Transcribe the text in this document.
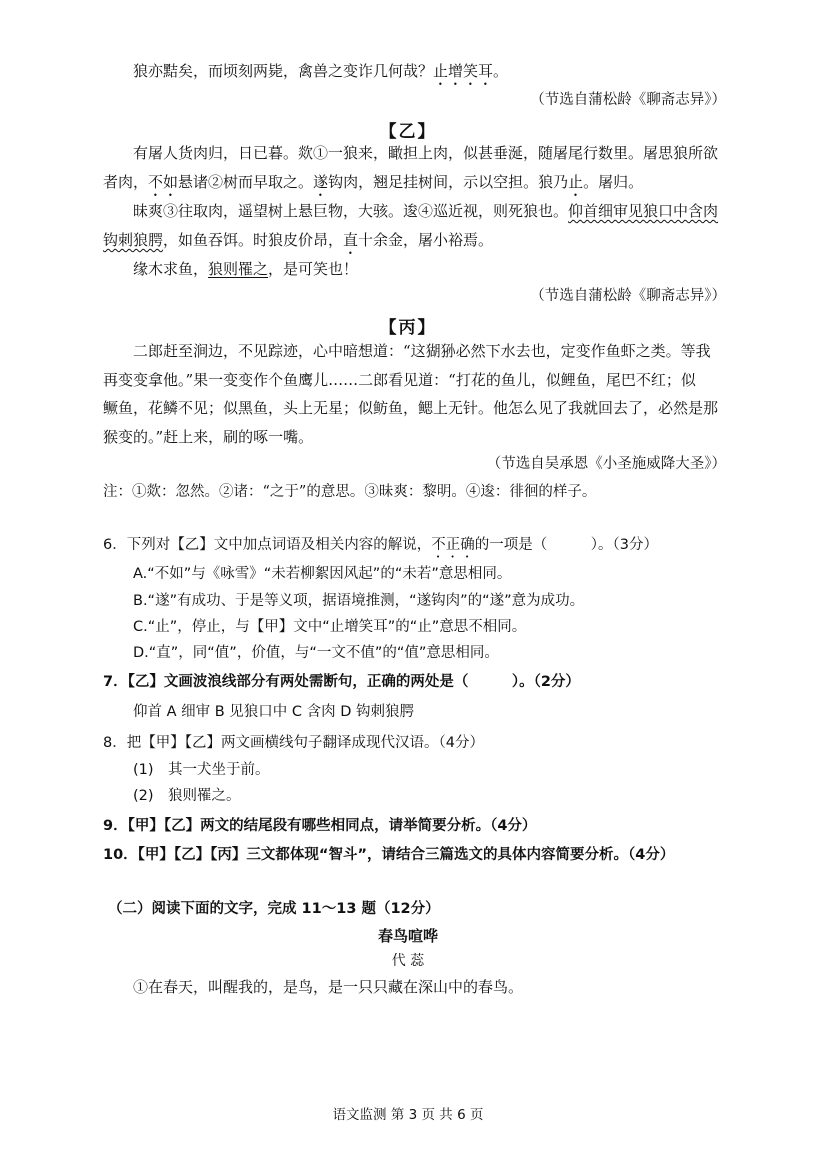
狼亦黠矣，而顷刻两毙，禽兽之变诈几何哉？止增笑耳。
（节选自蒲松龄《聊斋志异》）
【乙】
有屠人货肉归，日已暮。欻①一狼来，瞰担上肉，似甚垂涎，随屠尾行数里。屠思狼所欲
者肉，不如悬诸②树而早取之。遂钩肉，翘足挂树间，示以空担。狼乃止。屠归。
昧爽③往取肉，遥望树上悬巨物，大骇。逡④巡近视，则死狼也。仰首细审见狼口中含肉
钩刺狼腭，如鱼吞饵。时狼皮价昂，直十余金，屠小裕焉。
缘木求鱼，狼则罹之，是可笑也！
（节选自蒲松龄《聊斋志异》）
【丙】
二郎赶至涧边，不见踪迹，心中暗想道：“这猢狲必然下水去也，定变作鱼虾之类。等我
再变变拿他。”果一变变作个鱼鹰儿……二郎看见道：“打花的鱼儿，似鲤鱼，尾巴不红；似
鳜鱼，花鳞不见；似黑鱼，头上无星；似鲂鱼，鳃上无针。他怎么见了我就回去了，必然是那
猴变的。”赶上来，刷的啄一嘴。
（节选自吴承恩《小圣施威降大圣》）
注：①欻：忽然。②诸：“之于”的意思。③昧爽：黎明。④逡：徘徊的样子。
6．下列对【乙】文中加点词语及相关内容的解说，不正确的一项是（　　　）。（3分）
A.“不如”与《咏雪》“未若柳絮因风起”的“未若”意思相同。
B.“遂”有成功、于是等义项，据语境推测，“遂钩肉”的“遂”意为成功。
C.“止”，停止，与【甲】文中“止增笑耳”的“止”意思不相同。
D.“直”，同“值”，价值，与“一文不值”的“值”意思相同。
7．【乙】文画波浪线部分有两处需断句，正确的两处是（　　　）。（2分）
仰首 A 细审 B 见狼口中 C 含肉 D 钩刺狼腭
8．把【甲】【乙】两文画横线句子翻译成现代汉语。（4分）
(1)　其一犬坐于前。
(2)　狼则罹之。
9．【甲】【乙】两文的结尾段有哪些相同点，请举简要分析。（4分）
10．【甲】【乙】【丙】三文都体现“智斗”，请结合三篇选文的具体内容简要分析。（4分）
（二）阅读下面的文字，完成 11～13 题（12分）
春鸟喧哗
代 蕊
①在春天，叫醒我的，是鸟，是一只只藏在深山中的春鸟。
语文监测 第 3 页 共 6 页
